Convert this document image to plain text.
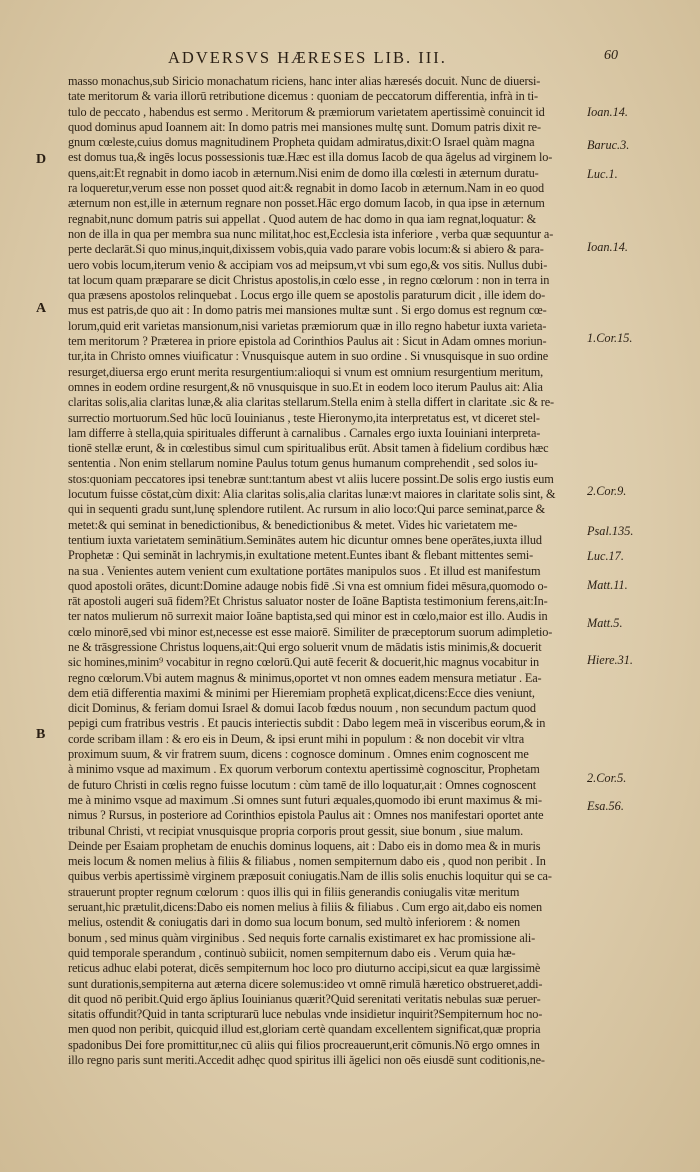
ADVERSVS HÆRESES LIB. III.	60
D
A
B
Ioan.14.
Baruc.3.
Luc.1.
Ioan.14.
1.Cor.15.
2.Cor.9.
Psal.135.
Luc.17.
Matt.11.
Matt.5.
Hiere.31.
2.Cor.5.
Esa.56.
masso monachus,sub Siricio monachatum riciens, hanc inter alias hæresés docuit. Nunc de diuersi-
tate meritorum & varia illorū retributione dicemus : quoniam de peccatorum differentia, infrà in ti-
tulo de peccato , habendus est sermo . Meritorum & præmiorum varietatem apertissimè conuincit id
quod dominus apud Ioannem ait: In domo patris mei mansiones multę sunt. Domum patris dixit re-
gnum cœleste,cuius domus magnitudinem Propheta quidam admiratus,dixit:O Israel quàm magna
est domus tua,& ingēs locus possessionis tuæ.Hæc est illa domus Iacob de qua ăgelus ad virginem lo-
quens,ait:Et regnabit in domo iacob in æternum.Nisi enim de domo illa cœlesti in æternum duratu-
ra loqueretur,verum esse non posset quod ait:& regnabit in domo Iacob in æternum.Nam in eo quod
æternum non est,ille in æternum regnare non posset.Hāc ergo domum Iacob, in qua ipse in æternum
regnabit,nunc domum patris sui appellat . Quod autem de hac domo in qua iam regnat,loquatur: &
non de illa in qua per membra sua nunc militat,hoc est,Ecclesia ista inferiore , verba quæ sequuntur a-
perte declarāt.Si quo minus,inquit,dixissem vobis,quia vado parare vobis locum:& si abiero & para-
uero vobis locum,iterum venio & accipiam vos ad meipsum,vt vbi sum ego,& vos sitis. Nullus dubi-
tat locum quam præparare se dicit Christus apostolis,in cœlo esse , in regno cœlorum : non in terra in
qua præsens apostolos relinquebat . Locus ergo ille quem se apostolis paraturum dicit , ille idem do-
mus est patris,de quo ait : In domo patris mei mansiones multæ sunt . Si ergo domus est regnum cœ-
lorum,quid erit varietas mansionum,nisi varietas præmiorum quæ in illo regno habetur iuxta varieta-
tem meritorum ? Præterea in priore epistola ad Corinthios Paulus ait : Sicut in Adam omnes moriun-
tur,ita in Christo omnes viuificatur : Vnusquisque autem in suo ordine . Si vnusquisque in suo ordine
resurget,diuersa ergo erunt merita resurgentium:alioqui si vnum est omnium resurgentium meritum,
omnes in eodem ordine resurgent,& nō vnusquisque in suo.Et in eodem loco iterum Paulus ait: Alia
claritas solis,alia claritas lunæ,& alia claritas stellarum.Stella enim à stella differt in claritate .sic & re-
surrectio mortuorum.Sed hūc locū Iouinianus , teste Hieronymo,ita interpretatus est, vt diceret stel-
lam differre à stella,quia spirituales differunt à carnalibus . Carnales ergo iuxta Iouiniani interpreta-
tionē stellæ erunt, & in cœlestibus simul cum spiritualibus erūt. Absit tamen à fidelium cordibus hæc
sententia . Non enim stellarum nomine Paulus totum genus humanum comprehendit , sed solos iu-
stos:quoniam peccatores ipsi tenebræ sunt:tantum abest vt aliis lucere possint.De solis ergo iustis eum
locutum fuisse cōstat,cùm dixit: Alia claritas solis,alia claritas lunæ:vt maiores in claritate solis sint, &
qui in sequenti gradu sunt,lunę splendore rutilent. Ac rursum in alio loco:Qui parce seminat,parce &
metet:& qui seminat in benedictionibus, & benedictionibus & metet. Vides hic varietatem me-
tentium iuxta varietatem seminātium.Seminātes autem hic dicuntur omnes bene operātes,iuxta illud
Prophetæ : Qui seminăt in lachrymis,in exultatione metent.Euntes ibant & flebant mittentes semi-
na sua . Venientes autem venient cum exultatione portātes manipulos suos . Et illud est manifestum
quod apostoli orātes, dicunt:Domine adauge nobis fidē .Si vna est omnium fidei mēsura,quomodo o-
rāt apostoli augeri suā fidem?Et Christus saluator noster de Ioāne Baptista testimonium ferens,ait:In-
ter natos mulierum nō surrexit maior Ioāne baptista,sed qui minor est in cœlo,maior est illo. Audis in
cœlo minorē,sed vbi minor est,necesse est esse maiorē. Similiter de præceptorum suorum adimpletio-
ne & trāsgressione Christus loquens,ait:Qui ergo soluerit vnum de mādatis istis minimis,& docuerit
sic homines,minim⁹ vocabitur in regno cœlorū.Qui autē fecerit & docuerit,hic magnus vocabitur in
regno cœlorum.Vbi autem magnus & minimus,oportet vt non omnes eadem mensura metiatur . Ea-
dem etiā differentia maximi & minimi per Hieremiam prophetā explicat,dicens:Ecce dies veniunt,
dicit Dominus, & feriam domui Israel & domui Iacob fœdus nouum , non secundum pactum quod
pepigi cum fratribus vestris . Et paucis interiectis subdit : Dabo legem meā in visceribus eorum,& in
corde scribam illam : & ero eis in Deum, & ipsi erunt mihi in populum : & non docebit vir vltra
proximum suum, & vir fratrem suum, dicens : cognosce dominum . Omnes enim cognoscent me
à minimo vsque ad maximum . Ex quorum verborum contextu apertissimè cognoscitur, Prophetam
de futuro Christi in cœlis regno fuisse locutum : cùm tamē de illo loquatur,ait : Omnes cognoscent
me à minimo vsque ad maximum .Si omnes sunt futuri æquales,quomodo ibi erunt maximus & mi-
nimus ? Rursus, in posteriore ad Corinthios epistola Paulus ait : Omnes nos manifestari oportet ante
tribunal Christi, vt recipiat vnusquisque propria corporis prout gessit, siue bonum , siue malum.
Deinde per Esaiam prophetam de enuchis dominus loquens, ait : Dabo eis in domo mea & in muris
meis locum & nomen melius à filiis & filiabus , nomen sempiternum dabo eis , quod non peribit . In
quibus verbis apertissimè virginem præposuit coniugatis.Nam de illis solis enuchis loquitur qui se ca-
strauerunt propter regnum cœlorum : quos illis qui in filiis generandis coniugalis vitæ meritum
seruant,hic prætulit,dicens:Dabo eis nomen melius à filiis & filiabus . Cum ergo ait,dabo eis nomen
melius, ostendit & coniugatis dari in domo sua locum bonum, sed multò inferiorem : & nomen
bonum , sed minus quàm virginibus . Sed nequis forte carnalis existimaret ex hac promissione ali-
quid temporale sperandum , continuò subiicit, nomen sempiternum dabo eis . Verum quia hæ-
reticus adhuc elabi poterat, dicēs sempiternum hoc loco pro diuturno accipi,sicut ea quæ largissimè
sunt durationis,sempiterna aut æterna dicere solemus:ideo vt omnē rimulā hæretico obstrueret,addi-
dit quod nō peribit.Quid ergo ăplius Iouinianus quærit?Quid serenitati veritatis nebulas suæ peruer-
sitatis offundit?Quid in tanta scripturarū luce nebulas vnde insidietur inquirit?Sempiternum hoc no-
men quod non peribit, quicquid illud est,gloriam certè quandam excellentem significat,quæ propria
spadonibus Dei fore promittitur,nec cū aliis qui filios procreauerunt,erit cōmunis.Nō ergo omnes in
illo regno paris sunt meriti.Accedit adhęc quod spiritus illi ăgelici non oēs eiusdē sunt coditionis,ne-
